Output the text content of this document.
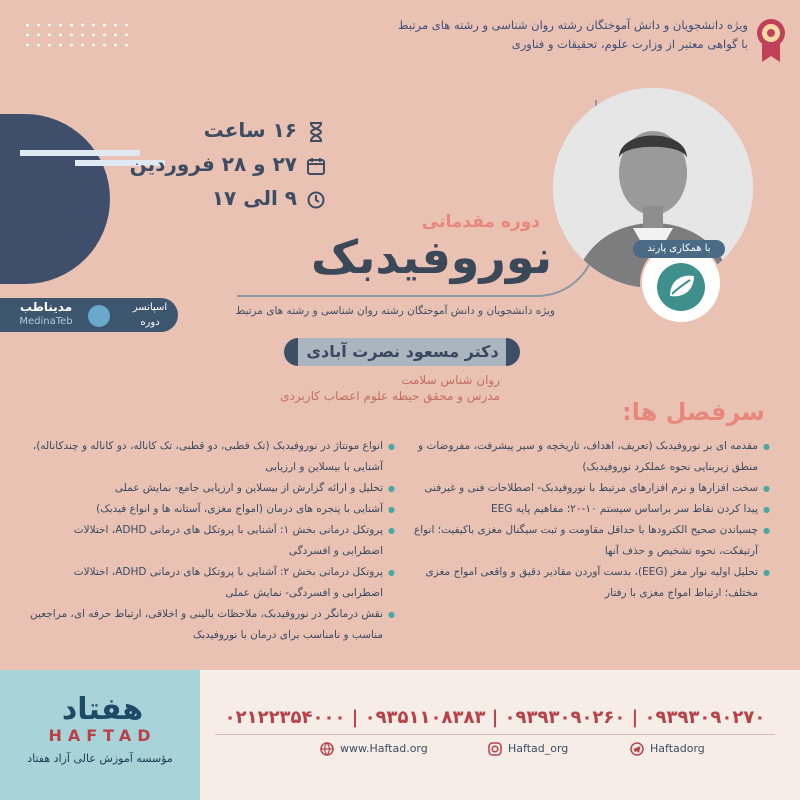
ویژه دانشجویان و دانش آموختگان رشته روان شناسی و رشته های مرتبط
با گواهی معتبر از وزارت علوم، تحقیقات و فناوری
۱۶ ساعت
۲۷ و ۲۸ فروردین
۹ الی ۱۷
با همکاری پارند
دوره مقدماتی
نوروفیدبک
ویژه دانشجویان و دانش آموختگان رشته روان شناسی و رشته های مرتبط
اسپانسر
دوره
مدیناطب
MedinaTeb
دکتر مسعود نصرت آبادی
روان شناس سلامت
مدرس و محقق حیطه علوم اعصاب کاربردی
سرفصل ها:
● مقدمه ای بر نوروفیدبک (تعریف، اهداف، تاریخچه و سیر پیشرفت، مفروضات و منطق زیربنایی نحوه عملکرد نوروفیدبک)
● سخت افزارها و نرم افزارهای مرتبط با نوروفیدبک- اصطلاحات فنی و غیرفنی
● پیدا کردن نقاط سر براساس سیستم ۱۰-۲۰؛ مفاهیم پایه EEG
● چسباندن صحیح الکترودها با حداقل مقاومت و ثبت سیگنال مغزی باکیفیت؛ انواع آرتیفکت، نحوه تشخیص و حذف آنها
● تحلیل اولیه نوار مغز (EEG)، بدست آوردن مقادیر دقیق و واقعی امواج مغزی مختلف؛ ارتباط امواج مغزی با رفتار
● انواع مونتاژ در نوروفیدبک (تک قطبی، دو قطبی، تک کاناله، دو کاناله و چندکاناله)، آشنایی با بیسلاین و ارزیابی
● تحلیل و ارائه گزارش از بیسلاین و ارزیابی جامع- نمایش عملی
● آشنایی با پنجره های درمان (امواج مغزی، آستانه ها و انواع فیدبک)
● پروتکل درمانی بخش ۱: آشنایی با پروتکل های درمانی ADHD، اختلالات اضطرابی و افسردگی
● پروتکل درمانی بخش ۲: آشنایی با پروتکل های درمانی ADHD، اختلالات اضطرابی و افسردگی- نمایش عملی
● نقش درمانگر در نوروفیدبک، ملاحظات بالینی و اخلاقی، ارتباط حرفه ای، مراجعین مناسب و نامناسب برای درمان با نوروفیدبک
هفتاد
HAFTAD
مؤسسه آموزش عالی آزاد هفتاد
۰۲۱۲۲۳۵۴۰۰۰ | ۰۹۳۵۱۱۰۸۳۸۳ | ۰۹۳۹۳۰۹۰۲۶۰ | ۰۹۳۹۳۰۹۰۲۷۰
www.Haftad.org	Haftad_org	Haftadorg
